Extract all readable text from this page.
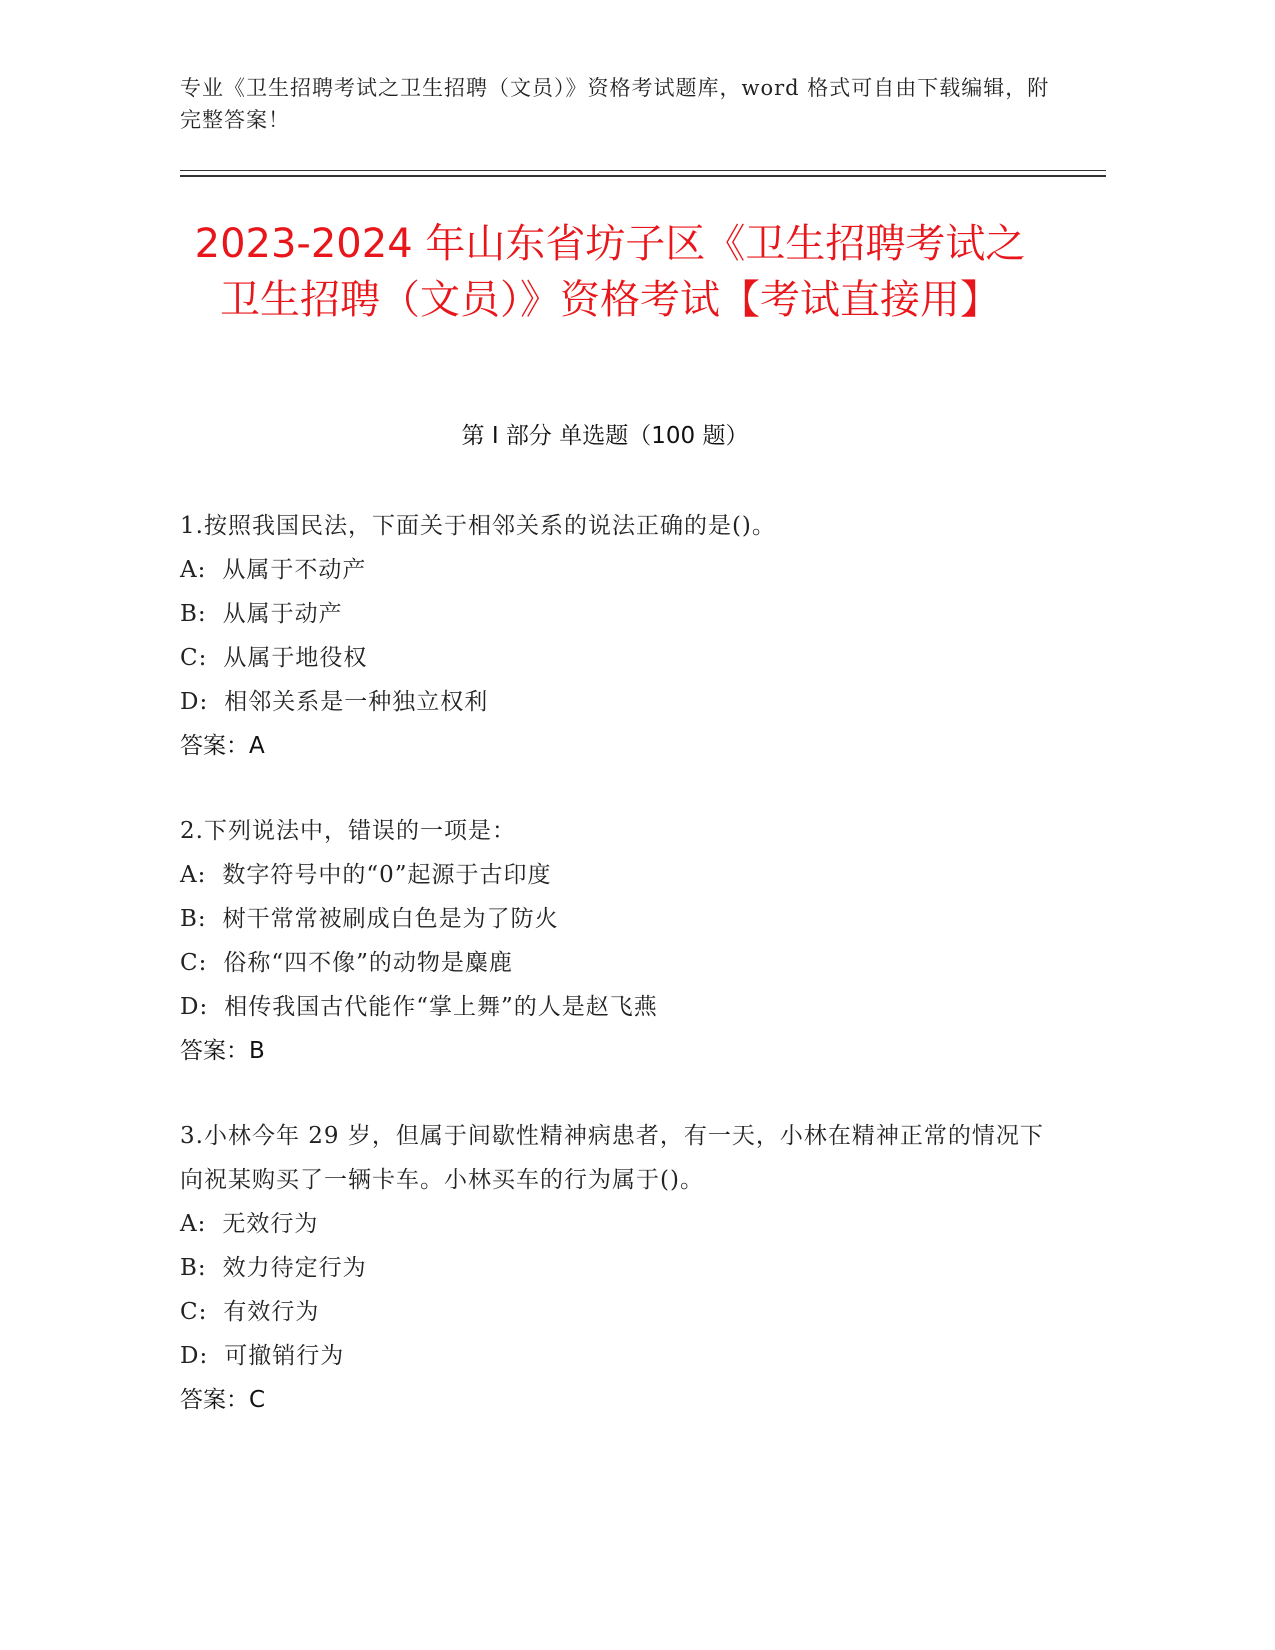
专业《卫生招聘考试之卫生招聘（文员）》资格考试题库，word 格式可自由下载编辑，附完整答案！
2023-2024 年山东省坊子区《卫生招聘考试之卫生招聘（文员）》资格考试【考试直接用】
第 I 部分 单选题（100 题）
1.按照我国民法，下面关于相邻关系的说法正确的是()。
A: 从属于不动产
B: 从属于动产
C: 从属于地役权
D: 相邻关系是一种独立权利
答案：A
2.下列说法中，错误的一项是：
A: 数字符号中的“0”起源于古印度
B: 树干常常被刷成白色是为了防火
C: 俗称“四不像”的动物是麋鹿
D: 相传我国古代能作“掌上舞”的人是赵飞燕
答案：B
3.小林今年 29 岁，但属于间歇性精神病患者，有一天，小林在精神正常的情况下向祝某购买了一辆卡车。小林买车的行为属于()。
A: 无效行为
B: 效力待定行为
C: 有效行为
D: 可撤销行为
答案：C
